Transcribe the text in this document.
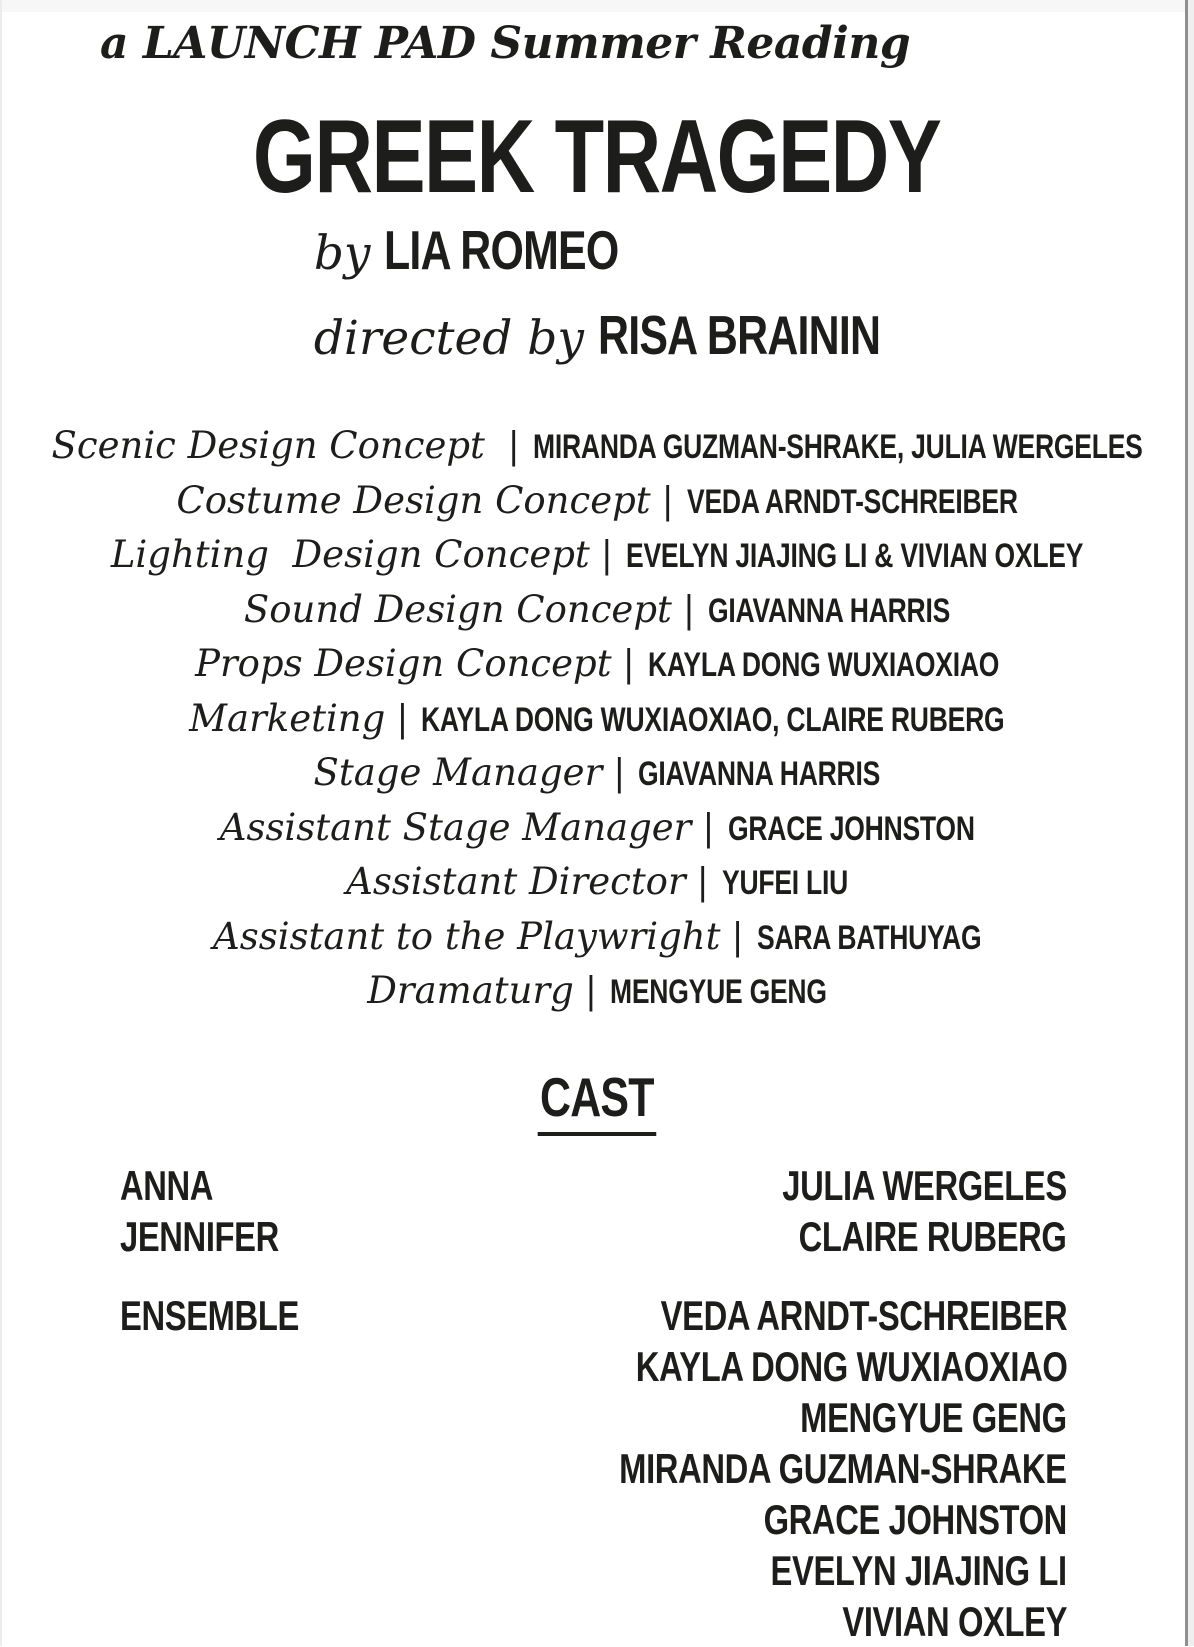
a LAUNCH PAD Summer Reading
GREEK TRAGEDY
by LIA ROMEO
directed by RISA BRAININ
Scenic Design Concept | MIRANDA GUZMAN-SHRAKE, JULIA WERGELES
Costume Design Concept | VEDA ARNDT-SCHREIBER
Lighting  Design Concept | EVELYN JIAJING LI & VIVIAN OXLEY
Sound Design Concept | GIAVANNA HARRIS
Props Design Concept | KAYLA DONG WUXIAOXIAO
Marketing | KAYLA DONG WUXIAOXIAO, CLAIRE RUBERG
Stage Manager | GIAVANNA HARRIS
Assistant Stage Manager | GRACE JOHNSTON
Assistant Director | YUFEI LIU
Assistant to the Playwright | SARA BATHUYAG
Dramaturg | MENGYUE GENG
CAST
ANNA	JULIA WERGELES
JENNIFER	CLAIRE RUBERG
ENSEMBLE	VEDA ARNDT-SCHREIBER
KAYLA DONG WUXIAOXIAO
MENGYUE GENG
MIRANDA GUZMAN-SHRAKE
GRACE JOHNSTON
EVELYN JIAJING LI
VIVIAN OXLEY
